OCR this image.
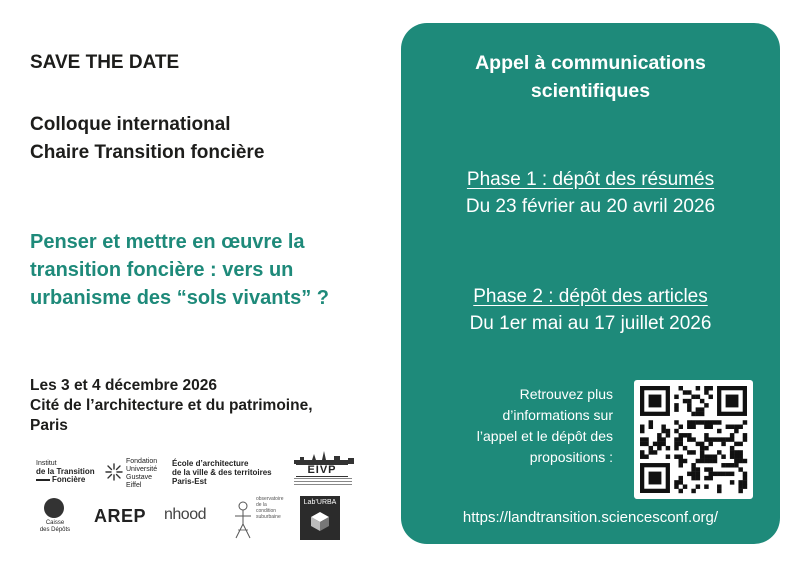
SAVE THE DATE
Colloque international
Chaire Transition foncière
Penser et mettre en œuvre la
transition foncière : vers un
urbanisme des “sols vivants” ?
Les 3 et 4 décembre 2026
Cité de l’architecture et du patrimoine,
Paris
Institut
de la Transition
Foncière
Fondation
Université
Gustave
Eiffel
École d’architecture
de la ville & des territoires
Paris-Est
EIVP
Caisse
des Dépôts
AREP nhood
observatoire
de la
condition
suburbaine
Lab’URBA
Appel à communications
scientifiques
Phase 1 : dépôt des résumés
Du 23 février au 20 avril 2026
Phase 2 : dépôt des articles
Du 1er mai au 17 juillet 2026
Retrouvez plus
d’informations sur
l’appel et le dépôt des
propositions :
https://landtransition.sciencesconf.org/
